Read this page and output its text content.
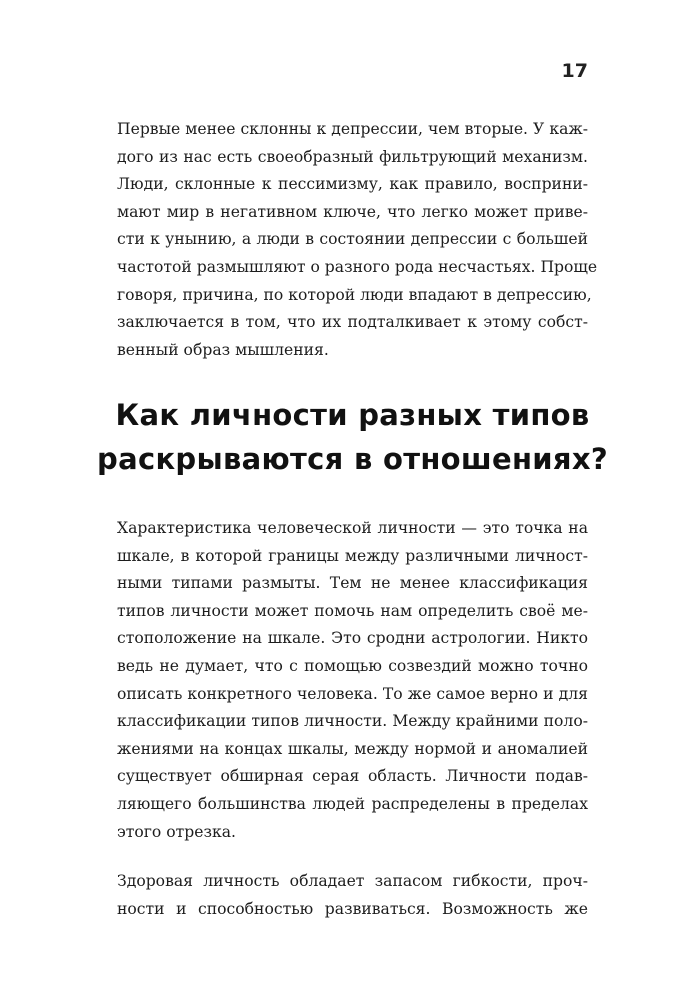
17
Первые менее склонны к депрессии, чем вторые. У каж-
дого из нас есть своеобразный фильтрующий механизм.
Люди, склонные к пессимизму, как правило, восприни-
мают мир в негативном ключе, что легко может приве-
сти к унынию, а люди в состоянии депрессии с большей
частотой размышляют о разного рода несчастьях. Проще
говоря, причина, по которой люди впадают в депрессию,
заключается в том, что их подталкивает к этому собст-
венный образ мышления.
Как личности разных типов
раскрываются в отношениях?
Характеристика человеческой личности — это точка на
шкале, в которой границы между различными личност-
ными типами размыты. Тем не менее классификация
типов личности может помочь нам определить своё ме-
стоположение на шкале. Это сродни астрологии. Никто
ведь не думает, что с помощью созвездий можно точно
описать конкретного человека. То же самое верно и для
классификации типов личности. Между крайними поло-
жениями на концах шкалы, между нормой и аномалией
существует обширная серая область. Личности подав-
ляющего большинства людей распределены в пределах
этого отрезка.
Здоровая личность обладает запасом гибкости, проч-
ности и способностью развиваться. Возможность же
